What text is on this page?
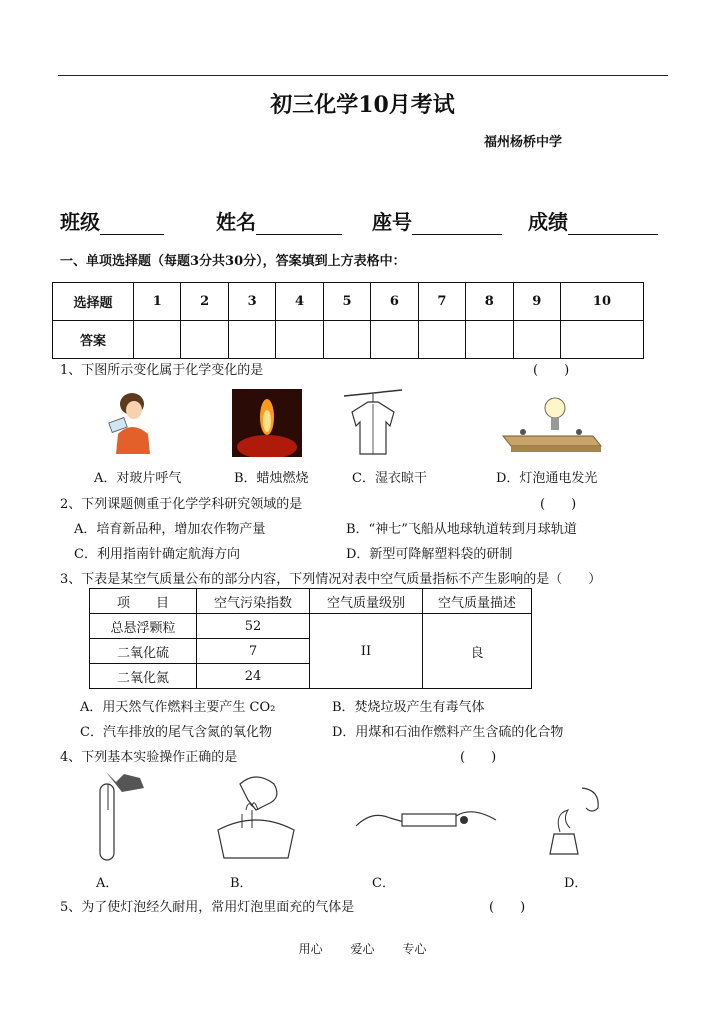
初三化学10月考试
福州杨桥中学
班级	姓名	座号	成绩
一、单项选择题（每题3分共30分），答案填到上方表格中：
选择题	1	2	3	4	5	6	7	8	9	10
答案										
1、下图所示变化属于化学变化的是	(　　)
A．对玻片呼气	B．蜡烛燃烧	C．湿衣晾干	D．灯泡通电发光
2、下列课题侧重于化学学科研究领域的是	(　　)
A．培育新品种，增加农作物产量	B．“神七”飞船从地球轨道转到月球轨道
C．利用指南针确定航海方向	D．新型可降解塑料袋的研制
3、下表是某空气质量公布的部分内容，下列情况对表中空气质量指标不产生影响的是（　　）
项　　目	空气污染指数	空气质量级别	空气质量描述
总悬浮颗粒	52	II	良
二氧化硫	7		
二氧化氮	24		
A．用天然气作燃料主要产生 CO₂	B．焚烧垃圾产生有毒气体
C．汽车排放的尾气含氮的氧化物	D．用煤和石油作燃料产生含硫的化合物
4、下列基本实验操作正确的是	(　　)
A．	B．	C．	D．
5、为了使灯泡经久耐用，常用灯泡里面充的气体是	(　　)
用心 爱心 专心
